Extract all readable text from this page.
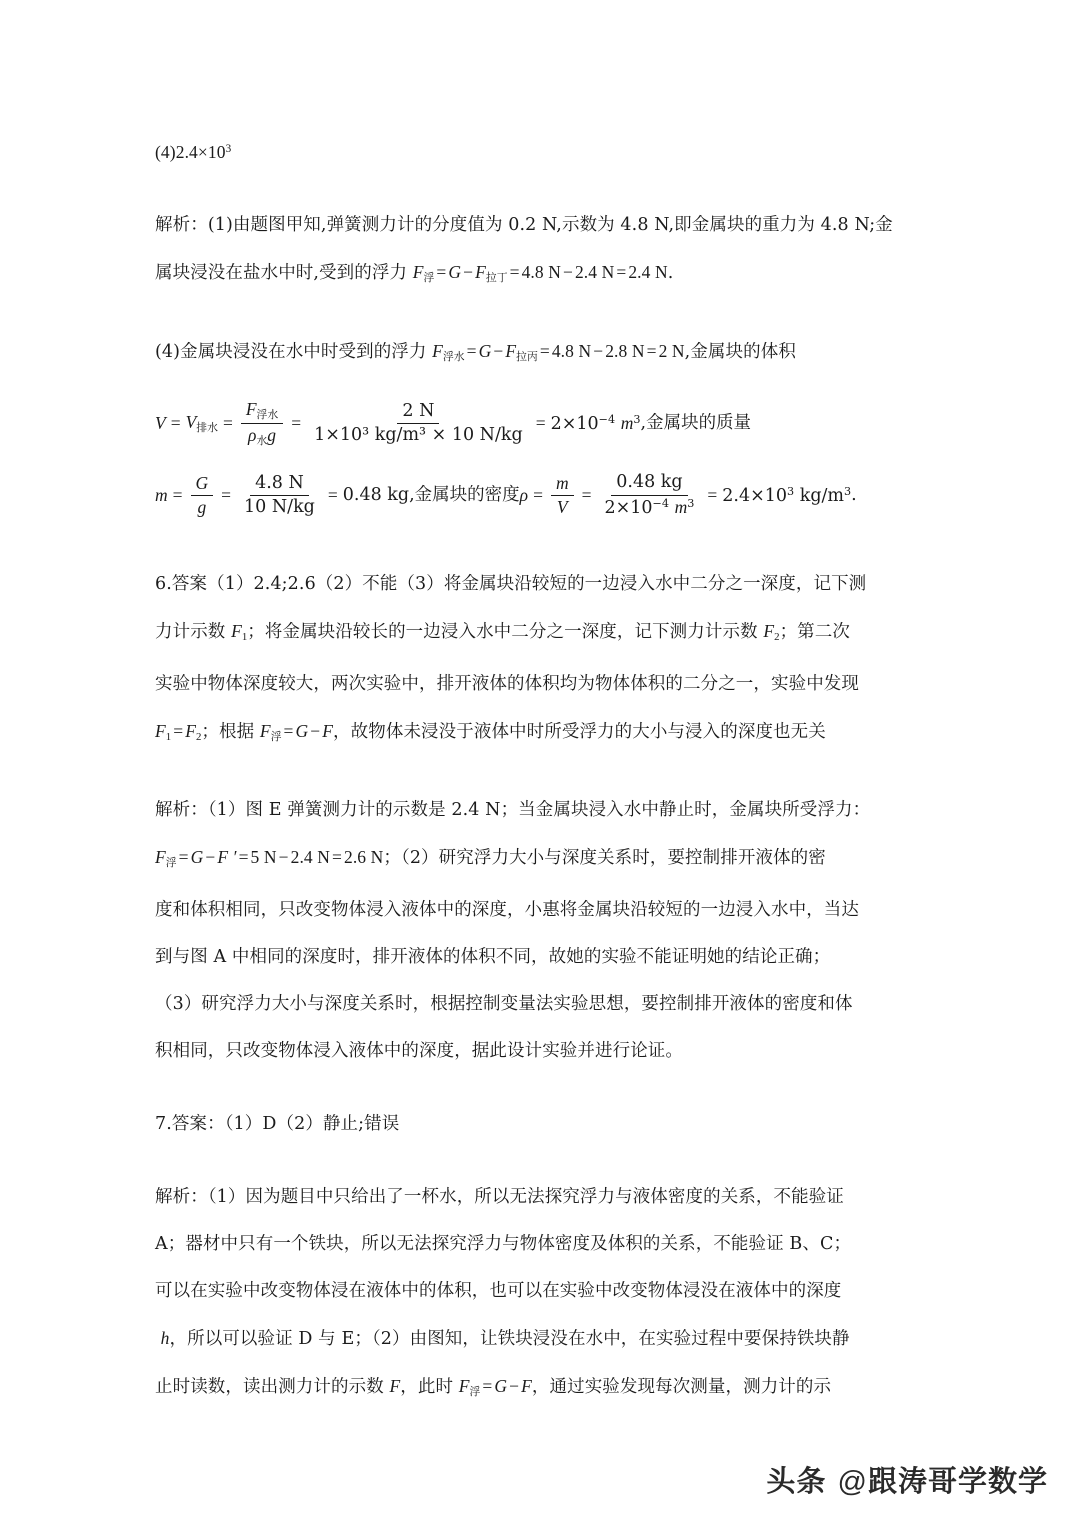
$(4)2.4\times 10^3$
解析：(1)由题图甲知,弹簧测力计的分度值为 0.2 N,示数为 4.8 N,即金属块的重力为 4.8 N;金
属块浸没在盐水中时,受到的浮力 $F_浮 = G - F_{拉丁} = 4.8$ N − 2.4 N = 2.4 N.
(4)金属块浸没在水中时受到的浮力 $F_{浮水} = G - F_{拉丙} = 4.8$ N − 2.8 N = 2 N,金属块的体积
$V = V_{排水} = \frac{F_{浮水}}{\rho_水g} = \frac{2 N}{\text{1×10³ kg/m³ × 10 N/kg}} = 2\times 10^{-4}$ $m^3$ ,金属块的质量
$m = \frac{G}{g} = \frac{4.8 N}{10 N/kg} = 0.48$ kg ,金属块的密度 $\rho = \frac{m}{V} = \frac{0.48 kg}{2\times 10^{-4} m^3} = 2.4\times 10^3$ $kg/m^3$ .
6.答案（1）2.4;2.6（2）不能（3）将金属块沿较短的一边浸入水中二分之一深度，记下测
力计示数 $F_1$；将金属块沿较长的一边浸入水中二分之一深度，记下测力计示数 $F_2$；第二次
实验中物体深度较大，两次实验中，排开液体的体积均为物体体积的二分之一，实验中发现
$F_1 = F_2$；根据 $F_浮 = G - F$，故物体未浸没于液体中时所受浮力的大小与浸入的深度也无关
解析：（1）图 E 弹簧测力计的示数是 2.4 N；当金属块浸入水中静止时，金属块所受浮力：
$F_浮 = G - F$ ′ = 5 N − 2.4 N = 2.6 N；（2）研究浮力大小与深度关系时，要控制排开液体的密
度和体积相同，只改变物体浸入液体中的深度，小惠将金属块沿较短的一边浸入水中，当达
到与图 A 中相同的深度时，排开液体的体积不同，故她的实验不能证明她的结论正确；
（3）研究浮力大小与深度关系时，根据控制变量法实验思想，要控制排开液体的密度和体
积相同，只改变物体浸入液体中的深度，据此设计实验并进行论证。
7.答案：（1）D（2）静止;错误
解析：（1）因为题目中只给出了一杯水，所以无法探究浮力与液体密度的关系，不能验证
A；器材中只有一个铁块，所以无法探究浮力与物体密度及体积的关系，不能验证 B、C；
可以在实验中改变物体浸在液体中的体积，也可以在实验中改变物体浸没在液体中的深度
h，所以可以验证 D 与 E；（2）由图知，让铁块浸没在水中，在实验过程中要保持铁块静
止时读数，读出测力计的示数 F，此时 $F_浮 = G - F$，通过实验发现每次测量，测力计的示
头条 @跟涛哥学数学
